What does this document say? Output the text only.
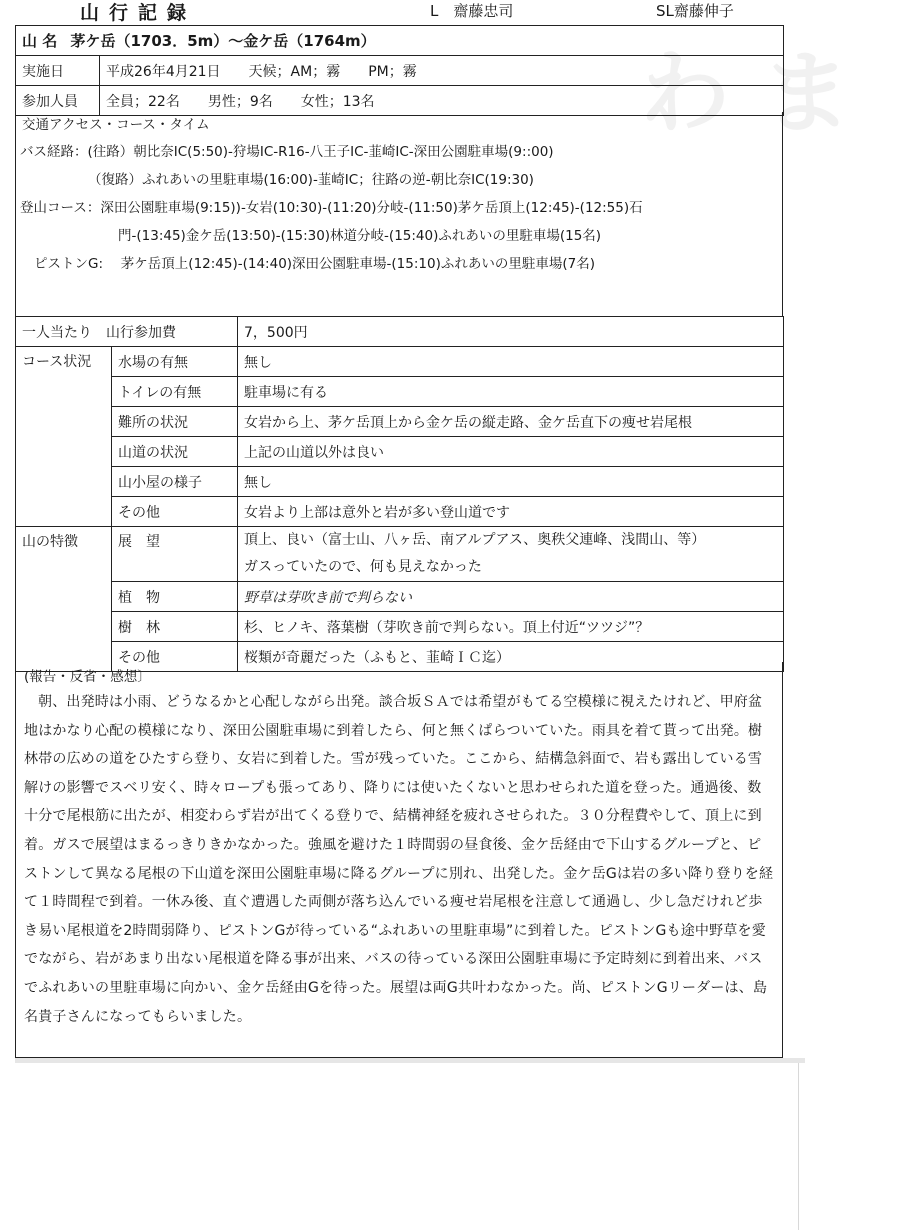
わ ま
山行記録	L　齋藤忠司	SL齋藤伸子
山 名 茅ケ岳（1703．5m）～金ケ岳（1764m）	
実施日	平成26年4月21日　　天候；AM；霧　　PM；霧
参加人員	全員；22名　　男性；9名　　女性；13名
交通アクセス・コース・タイム
バス経路：(往路）朝比奈IC(5:50)-狩場IC-R16-八王子IC-韮崎IC-深田公園駐車場(9::00)
（復路）ふれあいの里駐車場(16:00)-韮崎IC；往路の逆-朝比奈IC(19:30)
登山コース：深田公園駐車場(9:15))-女岩(10:30)-(11:20)分岐-(11:50)茅ケ岳頂上(12:45)-(12:55)石
門-(13:45)金ケ岳(13:50)-(15:30)林道分岐-(15:40)ふれあいの里駐車場(15名)
ピストンG:　 茅ケ岳頂上(12:45)-(14:40)深田公園駐車場-(15:10)ふれあいの里駐車場(7名)
一人当たり　山行参加費		7，500円
コース状況	水場の有無	無し
	トイレの有無	駐車場に有る
	難所の状況	女岩から上、茅ケ岳頂上から金ケ岳の縦走路、金ケ岳直下の痩せ岩尾根
	山道の状況	上記の山道以外は良い
	山小屋の様子	無し
	その他	女岩より上部は意外と岩が多い登山道です
山の特徴	展　望	頂上、良い（富士山、八ヶ岳、南アルプアス、奥秩父連峰、浅間山、等）
ガスっていたので、何も見えなかった

	植　物	野草は芽吹き前で判らない
	樹　林	杉、ヒノキ、落葉樹（芽吹き前で判らない。頂上付近“ツツジ”？
	その他	桜類が奇麗だった（ふもと、韮崎ＩＣ迄）
(報告・反省・感想〕
朝、出発時は小雨、どうなるかと心配しながら出発。談合坂ＳＡでは希望がもてる空模様に視えたけれど、甲府盆地はかなり心配の模様になり、深田公園駐車場に到着したら、何と無くぱらついていた。雨具を着て貰って出発。樹林帯の広めの道をひたすら登り、女岩に到着した。雪が残っていた。ここから、結構急斜面で、岩も露出している雪解けの影響でスベリ安く、時々ロープも張ってあり、降りには使いたくないと思わせられた道を登った。通過後、数十分で尾根筋に出たが、相変わらず岩が出てくる登りで、結構神経を疲れさせられた。３０分程費やして、頂上に到着。ガスで展望はまるっきりきかなかった。強風を避けた１時間弱の昼食後、金ケ岳経由で下山するグループと、ピストンして異なる尾根の下山道を深田公園駐車場に降るグループに別れ、出発した。金ケ岳Gは岩の多い降り登りを経て１時間程で到着。一休み後、直ぐ遭遇した両側が落ち込んでいる痩せ岩尾根を注意して通過し、少し急だけれど歩き易い尾根道を2時間弱降り、ピストンGが待っている“ふれあいの里駐車場”に到着した。ピストンGも途中野草を愛でながら、岩があまり出ない尾根道を降る事が出来、バスの待っている深田公園駐車場に予定時刻に到着出来、バスでふれあいの里駐車場に向かい、金ケ岳経由Gを待った。展望は両G共叶わなかった。尚、ピストンGリーダーは、島名貴子さんになってもらいました。
